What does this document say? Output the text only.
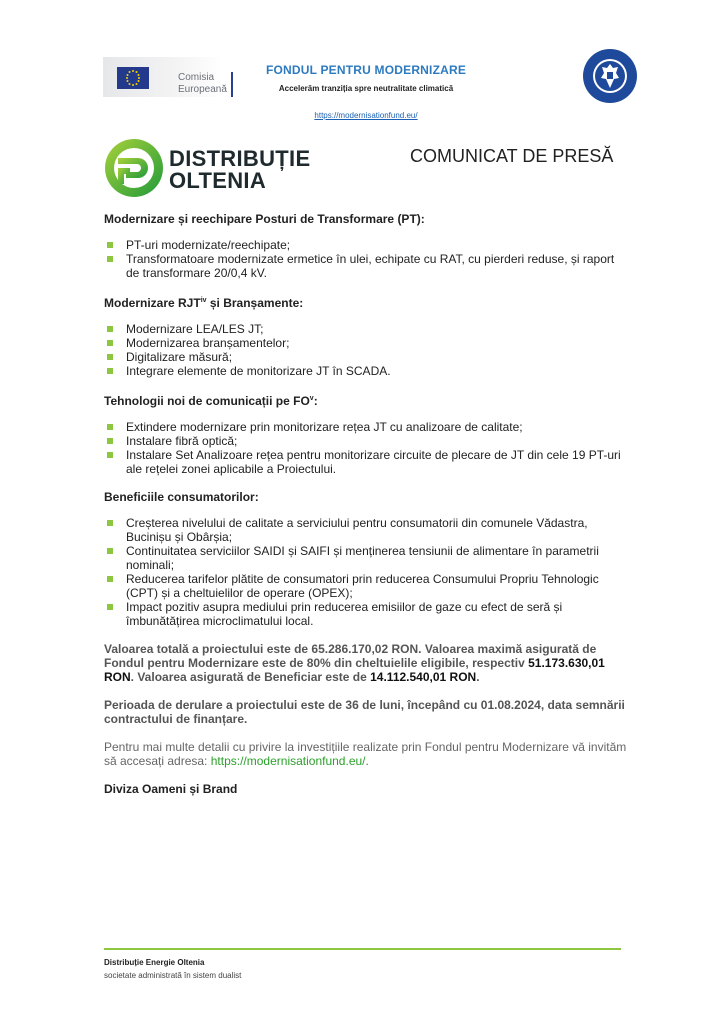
Comisia
Europeană
FONDUL PENTRU MODERNIZARE
Accelerăm tranziția spre neutralitate climatică
https://modernisationfund.eu/
DISTRIBUȚIE
OLTENIA
COMUNICAT DE PRESĂ
Modernizare și reechipare Posturi de Transformare (PT):
PT-uri modernizate/reechipate;
Transformatoare modernizate ermetice în ulei, echipate cu RAT, cu pierderi reduse, și raport de transformare 20/0,4 kV.
Modernizare RJT$^{iv}$ și Branșamente:
Modernizare LEA/LES JT;
Modernizarea branșamentelor;
Digitalizare măsură;
Integrare elemente de monitorizare JT în SCADA.
Tehnologii noi de comunicații pe $FO^v$:
Extindere modernizare prin monitorizare rețea JT cu analizoare de calitate;
Instalare fibră optică;
Instalare Set Analizoare rețea pentru monitorizare circuite de plecare de JT din cele 19 PT-uri ale rețelei zonei aplicabile a Proiectului.
Beneficiile consumatorilor:
Creșterea nivelului de calitate a serviciului pentru consumatorii din comunele Vădastra, Bucinișu și Obârșia;
Continuitatea serviciilor SAIDI și SAIFI și menținerea tensiunii de alimentare în parametrii nominali;
Reducerea tarifelor plătite de consumatori prin reducerea Consumului Propriu Tehnologic (CPT) și a cheltuielilor de operare (OPEX);
Impact pozitiv asupra mediului prin reducerea emisiilor de gaze cu efect de seră și îmbunătățirea microclimatului local.

Valoarea totală a proiectului este de 65.286.170,02 RON. Valoarea maximă asigurată de Fondul pentru Modernizare este de 80% din cheltuielile eligibile, respectiv 51.173.630,01 RON. Valoarea asigurată de Beneficiar este de 14.112.540,01 RON.

Perioada de derulare a proiectului este de 36 de luni, începând cu 01.08.2024, data semnării contractului de finanțare.

Pentru mai multe detalii cu privire la investițiile realizate prin Fondul pentru Modernizare vă invităm să accesați adresa: https://modernisationfund.eu/.

Diviza Oameni și Brand
Distribuție Energie Oltenia
societate administrată în sistem dualist
